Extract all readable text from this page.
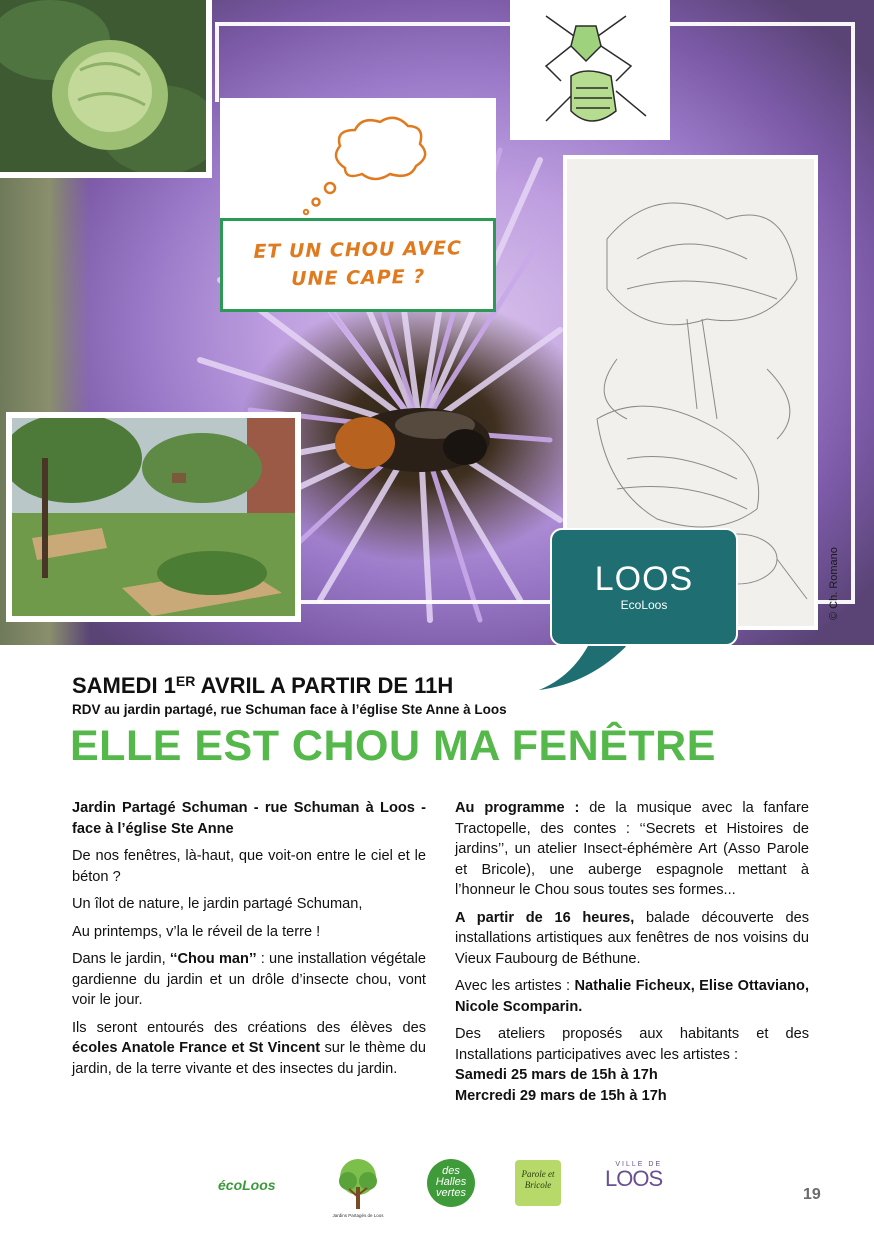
ET UN CHOU AVEC UNE CAPE ?
© Ch. Romano
LOOS
EcoLoos
SAMEDI 1ER AVRIL A PARTIR DE 11H
RDV au jardin partagé, rue Schuman face à l’église Ste Anne à Loos
ELLE EST CHOU MA FENÊTRE

Jardin Partagé Schuman - rue Schuman à Loos - face à l’église Ste Anne

De nos fenêtres, là-haut, que voit-on entre le ciel et le béton ?

Un îlot de nature, le jardin partagé Schuman,

Au printemps, v’la le réveil de la terre !

Dans le jardin, ‘‘Chou man’’ : une installation végétale gardienne du jardin et un drôle d’insecte chou, vont voir le jour.

Ils seront entourés des créations des élèves des écoles Anatole France et St Vincent sur le thème du jardin, de la terre vivante et des insectes du jardin.

Au programme : de la musique avec la fanfare Tractopelle, des contes : ‘‘Secrets et Histoires de jardins’’, un atelier Insect-éphémère Art (Asso Parole et Bricole), une auberge espagnole mettant à l’honneur le Chou sous toutes ses formes...

A partir de 16 heures, balade découverte des installations artistiques aux fenêtres de nos voisins du Vieux Faubourg de Béthune.

Avec les artistes : Nathalie Ficheux, Elise Ottaviano, Nicole Scomparin.

Des ateliers proposés aux habitants et des Installations participatives avec les artistes :
Samedi 25 mars de 15h à 17h
Mercredi 29 mars de 15h à 17h

écoLoos
Jardins Partagés de Loos
des Halles vertes
Parole et Bricole
VILLE DE
LOOS
19
